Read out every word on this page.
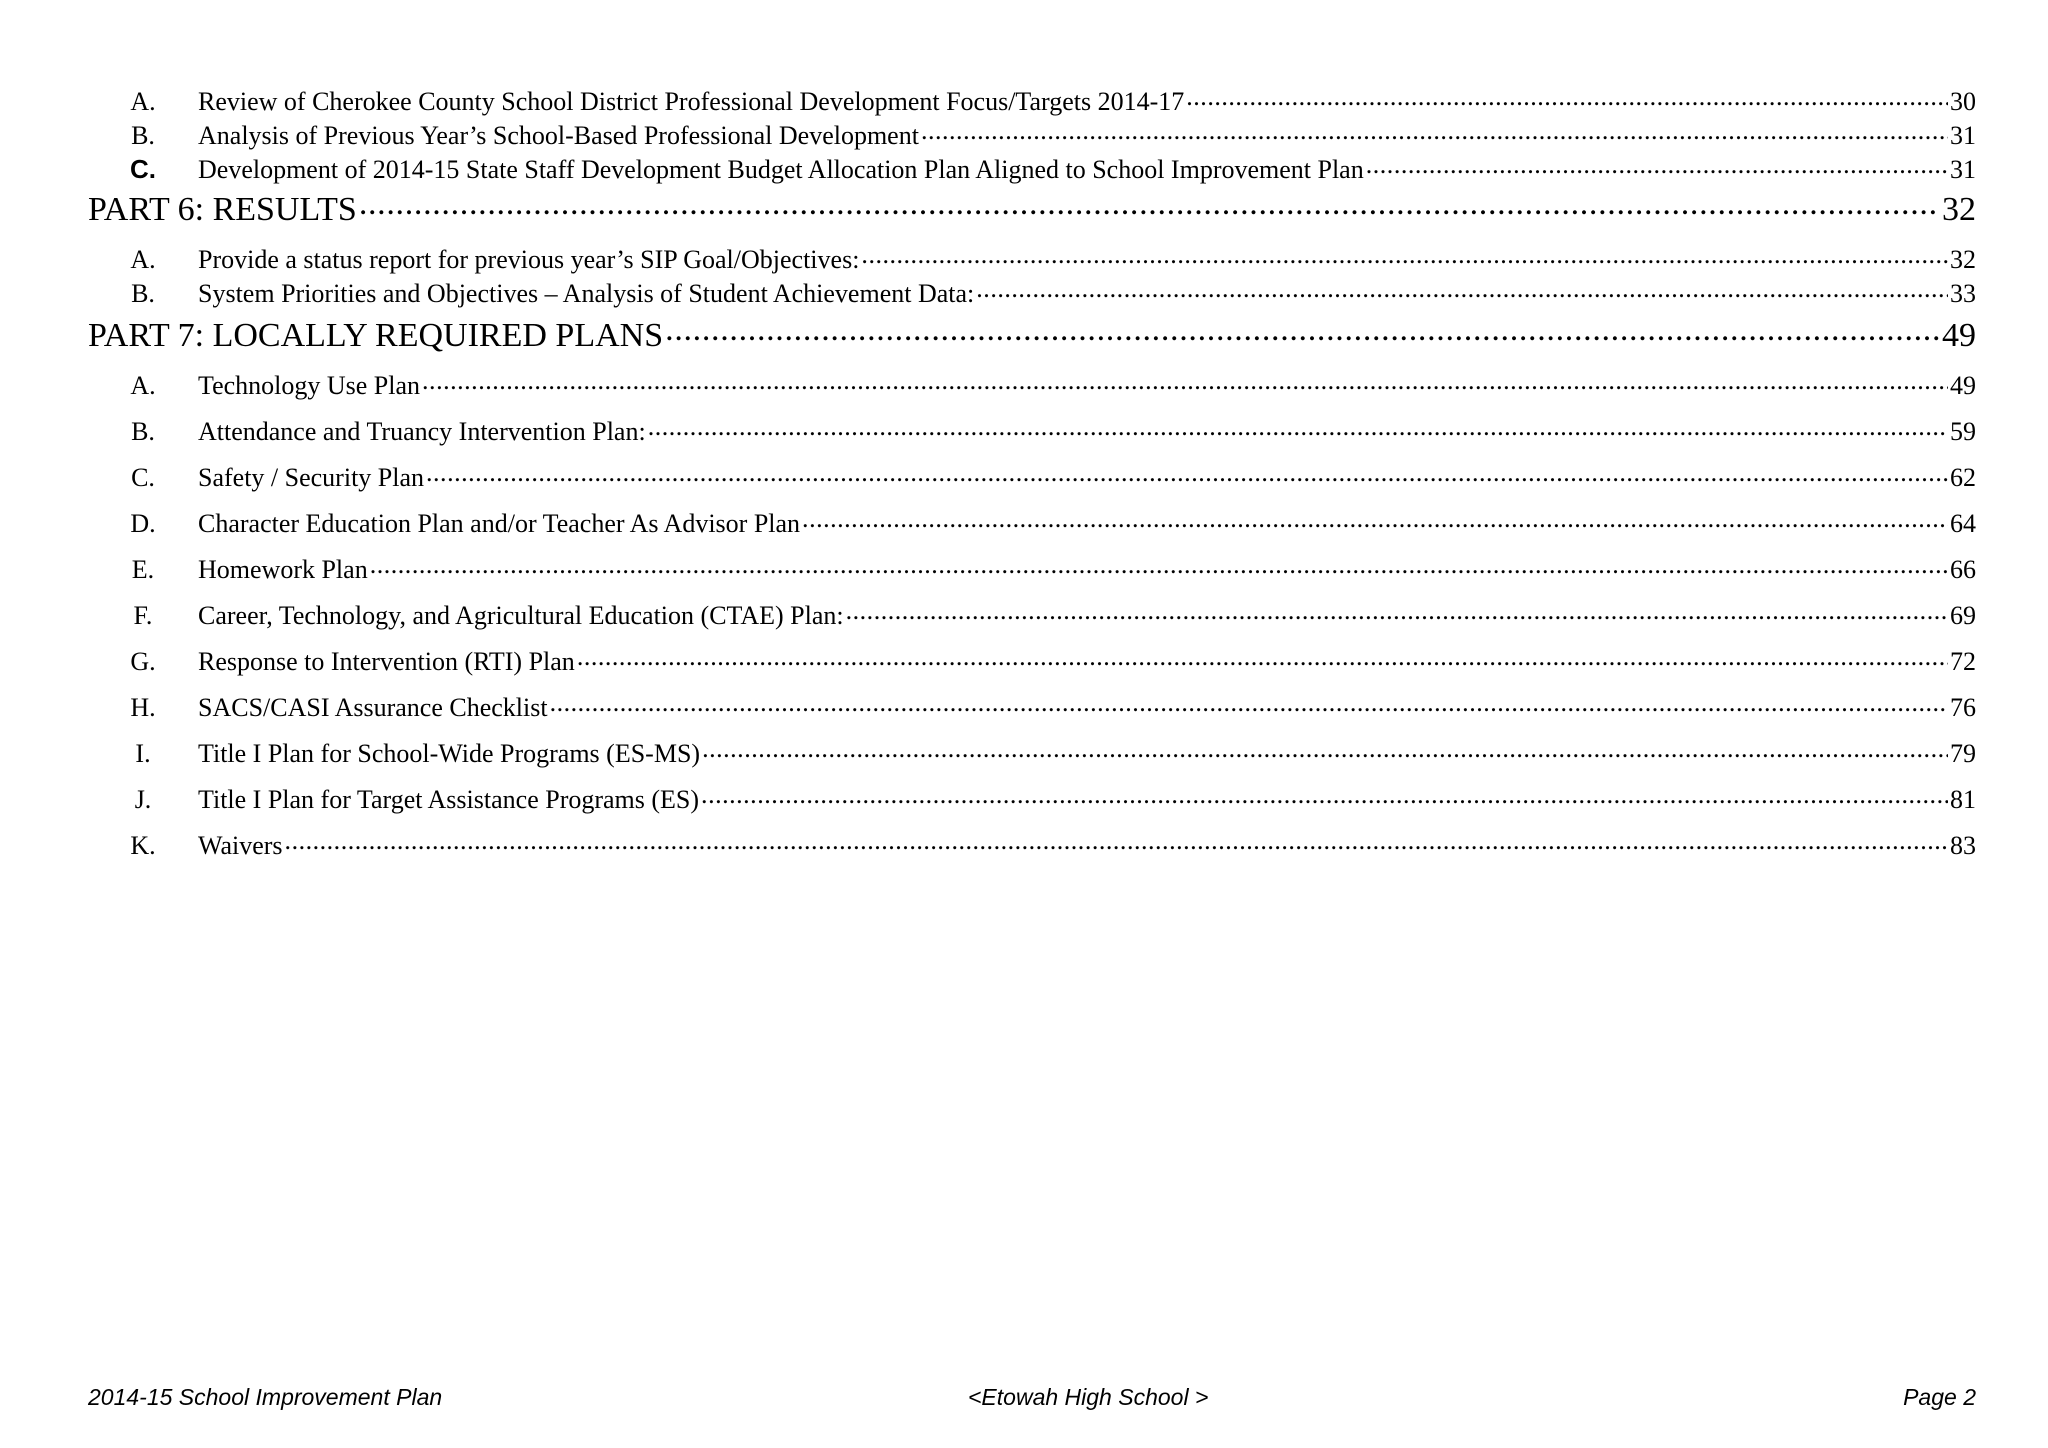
A.	Review of Cherokee County School District Professional Development Focus/Targets 2014-17 .....	30
B.	Analysis of Previous Year’s School-Based Professional Development .....	31
C.	Development of 2014-15 State Staff Development Budget Allocation Plan Aligned to School Improvement Plan .....	31
PART 6: RESULTS .....	32
A.	Provide a status report for previous year’s SIP Goal/Objectives: .....	32
B.	System Priorities and Objectives – Analysis of Student Achievement Data: .....	33
PART 7: LOCALLY REQUIRED PLANS .....	49
A.	Technology Use Plan .....	49
B.	Attendance and Truancy Intervention Plan: .....	59
C.	Safety / Security Plan .....	62
D.	Character Education Plan and/or Teacher As Advisor Plan .....	64
E.	Homework Plan .....	66
F.	Career, Technology, and Agricultural Education (CTAE) Plan: .....	69
G.	Response to Intervention (RTI) Plan .....	72
H.	SACS/CASI Assurance Checklist .....	76
I.	Title I Plan for School-Wide Programs (ES-MS) .....	79
J.	Title I Plan for Target Assistance Programs (ES) .....	81
K.	Waivers .....	83
2014-15 School Improvement Plan	<Etowah High School >	Page 2
